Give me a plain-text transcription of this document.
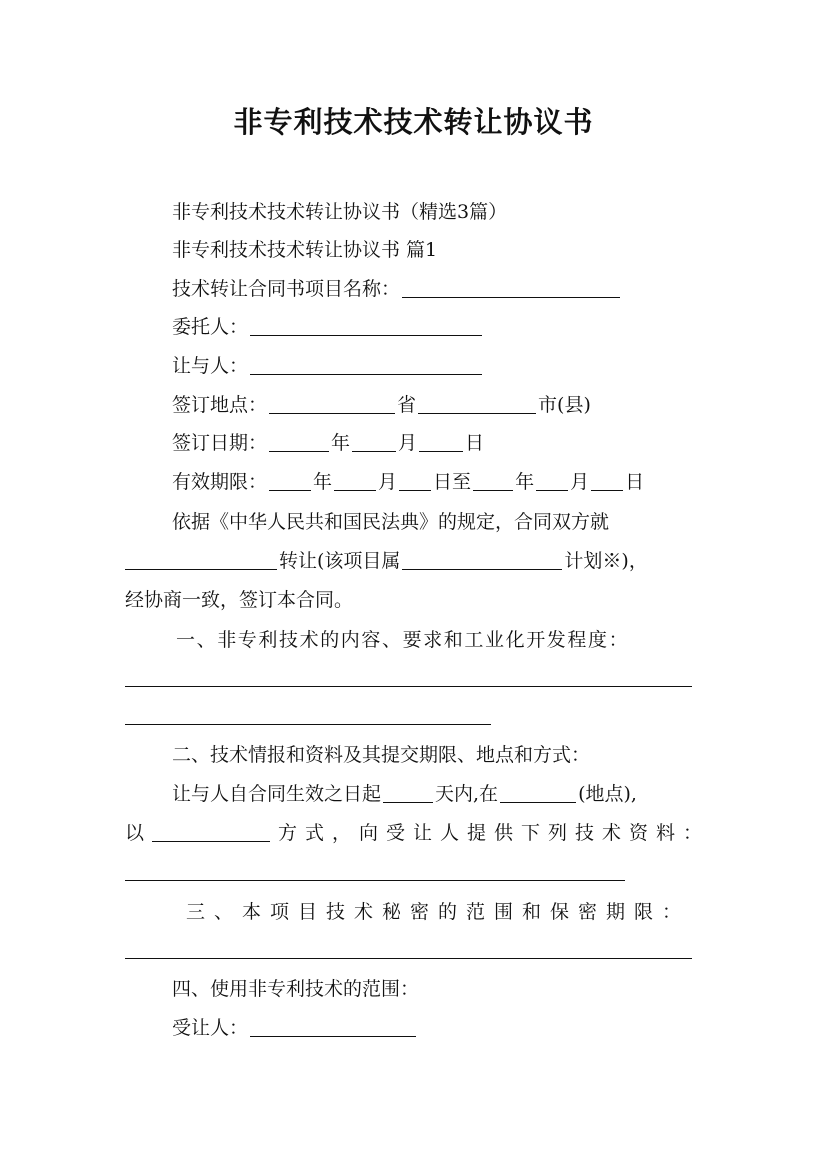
非专利技术技术转让协议书
非专利技术技术转让协议书（精选3篇）
非专利技术技术转让协议书 篇1
技术转让合同书项目名称：
委托人：
让与人：
签订地点：	省	市(县)
签订日期：	年	月	日
有效期限： 年 月 日至 年 月 日
依据《中华人民共和国民法典》的规定，合同双方就
转让(该项目属	计划※)，
经协商一致，签订本合同。
一、非专利技术的内容、要求和工业化开发程度：
二、技术情报和资料及其提交期限、地点和方式：
让与人自合同生效之日起	天内,在	(地点),
以	方式，向受让人提供下列技术资料：
三、本项目技术秘密的范围和保密期限：
四、使用非专利技术的范围：
受让人：
